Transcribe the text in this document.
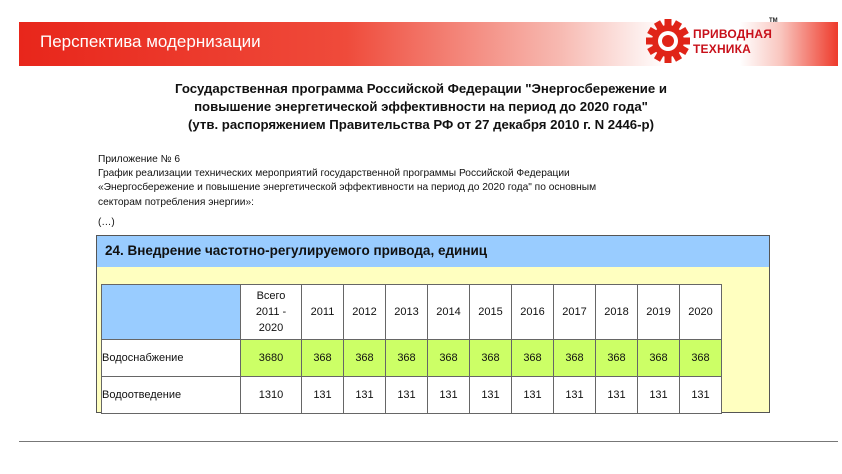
Перспектива модернизации	ПРИВОДНАЯ
ТЕХНИКА
TM
Государственная программа Российской Федерации "Энергосбережение и
повышение энергетической эффективности на период до 2020 года"
(утв. распоряжением Правительства РФ от 27 декабря 2010 г. N 2446-р)
Приложение № 6
График реализации технических мероприятий государственной программы Российской Федерации
«Энергосбережение и повышение энергетической эффективности на период до 2020 года" по основным
секторам потребления энергии»:
(…)
24. Внедрение частотно-регулируемого привода, единиц
	Всего
2011 -
2020	2011	2012	2013	2014	2015	2016	2017	2018	2019	2020
Водоснабжение	3680	368	368	368	368	368	368	368	368	368	368
Водоотведение	1310	131	131	131	131	131	131	131	131	131	131
